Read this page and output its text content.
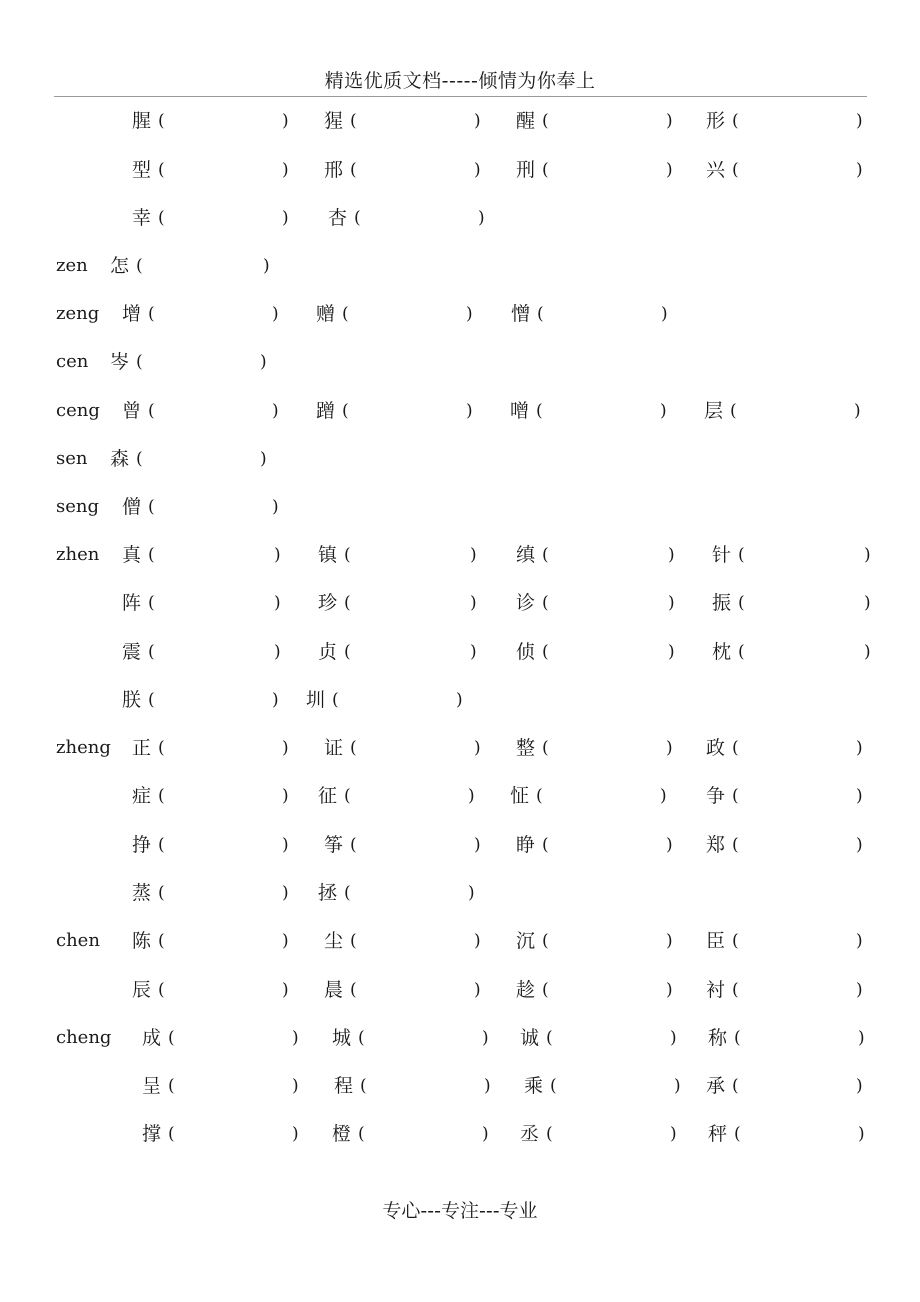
精选优质文档-----倾情为你奉上
腥 (	) 猩 (	) 醒 (	) 形 (	)
型 (	) 邢 (	) 刑 (	) 兴 (	)
幸 (	) 杏 (	)
zen 怎 (	)
zeng 增 (	) 赠 (	) 憎 (	)
cen 岑 (	)
ceng 曾 (	) 蹭 (	) 噌 (	) 层 (	)
sen 森 (	)
seng 僧 (	)
zhen 真 (	) 镇 (	) 缜 (	) 针 (	)
阵 (	) 珍 (	) 诊 (	) 振 (	)
震 (	) 贞 (	) 侦 (	) 枕 (	)
朕 (	) 圳 (	)
zheng 正 (	) 证 (	) 整 (	) 政 (	)
症 (	) 征 (	) 怔 (	) 争 (	)
挣 (	) 筝 (	) 睁 (	) 郑 (	)
蒸 (	) 拯 (	)
chen 陈 (	) 尘 (	) 沉 (	) 臣 (	)
辰 (	) 晨 (	) 趁 (	) 衬 (	)
cheng 成 (	) 城 (	) 诚 (	) 称 (	)
呈 (	) 程 (	) 乘 (	) 承 (	)
撑 (	) 橙 (	) 丞 (	) 秤 (	)
专心---专注---专业
